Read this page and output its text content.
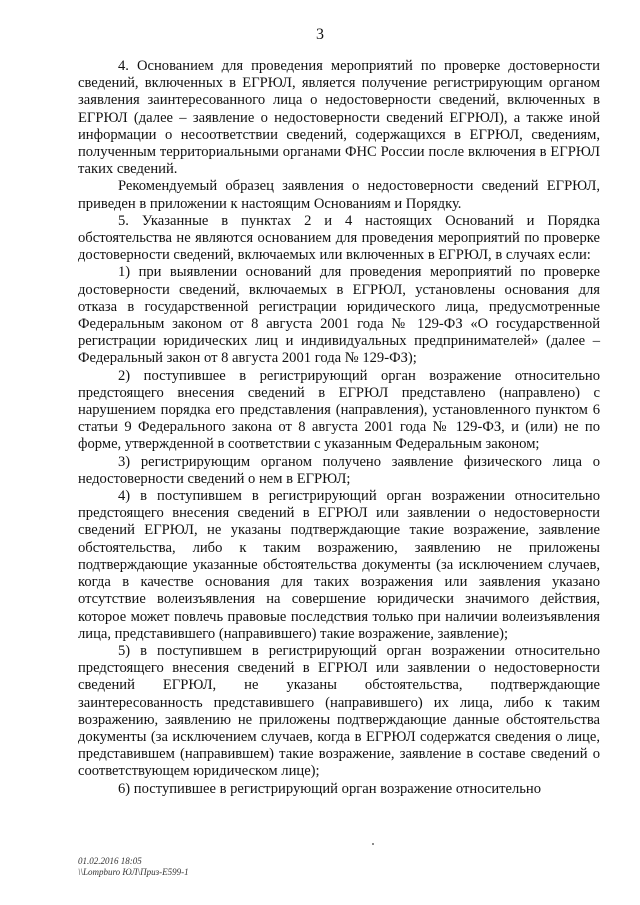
3

4. Основанием для проведения мероприятий по проверке достоверности сведений, включенных в ЕГРЮЛ, является получение регистрирующим органом заявления заинтересованного лица о недостоверности сведений, включенных в ЕГРЮЛ (далее – заявление о недостоверности сведений ЕГРЮЛ), а также иной информации о несоответствии сведений, содержащихся в ЕГРЮЛ, сведениям, полученным территориальными органами ФНС России после включения в ЕГРЮЛ таких сведений.

Рекомендуемый образец заявления о недостоверности сведений ЕГРЮЛ, приведен в приложении к настоящим Основаниям и Порядку.

5. Указанные в пунктах 2 и 4 настоящих Оснований и Порядка обстоятельства не являются основанием для проведения мероприятий по проверке достоверности сведений, включаемых или включенных в ЕГРЮЛ, в случаях если:

1) при выявлении оснований для проведения мероприятий по проверке достоверности сведений, включаемых в ЕГРЮЛ, установлены основания для отказа в государственной регистрации юридического лица, предусмотренные Федеральным законом от 8 августа 2001 года № 129-ФЗ «О государственной регистрации юридических лиц и индивидуальных предпринимателей» (далее – Федеральный закон от 8 августа 2001 года № 129-ФЗ);

2) поступившее в регистрирующий орган возражение относительно предстоящего внесения сведений в ЕГРЮЛ представлено (направлено) с нарушением порядка его представления (направления), установленного пунктом 6 статьи 9 Федерального закона от 8 августа 2001 года № 129-ФЗ, и (или) не по форме, утвержденной в соответствии с указанным Федеральным законом;

3) регистрирующим органом получено заявление физического лица о недостоверности сведений о нем в ЕГРЮЛ;

4) в поступившем в регистрирующий орган возражении относительно предстоящего внесения сведений в ЕГРЮЛ или заявлении о недостоверности сведений ЕГРЮЛ, не указаны подтверждающие такие возражение, заявление обстоятельства, либо к таким возражению, заявлению не приложены подтверждающие указанные обстоятельства документы (за исключением случаев, когда в качестве основания для таких возражения или заявления указано отсутствие волеизъявления на совершение юридически значимого действия, которое может повлечь правовые последствия только при наличии волеизъявления лица, представившего (направившего) такие возражение, заявление);

5) в поступившем в регистрирующий орган возражении относительно предстоящего внесения сведений в ЕГРЮЛ или заявлении о недостоверности сведений ЕГРЮЛ, не указаны обстоятельства, подтверждающие заинтересованность представившего (направившего) их лица, либо к таким возражению, заявлению не приложены подтверждающие данные обстоятельства документы (за исключением случаев, когда в ЕГРЮЛ содержатся сведения о лице, представившем (направившем) такие возражение, заявление в составе сведений о соответствующем юридическом лице);

6) поступившее в регистрирующий орган возражение относительно

01.02.2016 18:05
\\Lompburo ЮЛ\Приз-Е599-1
